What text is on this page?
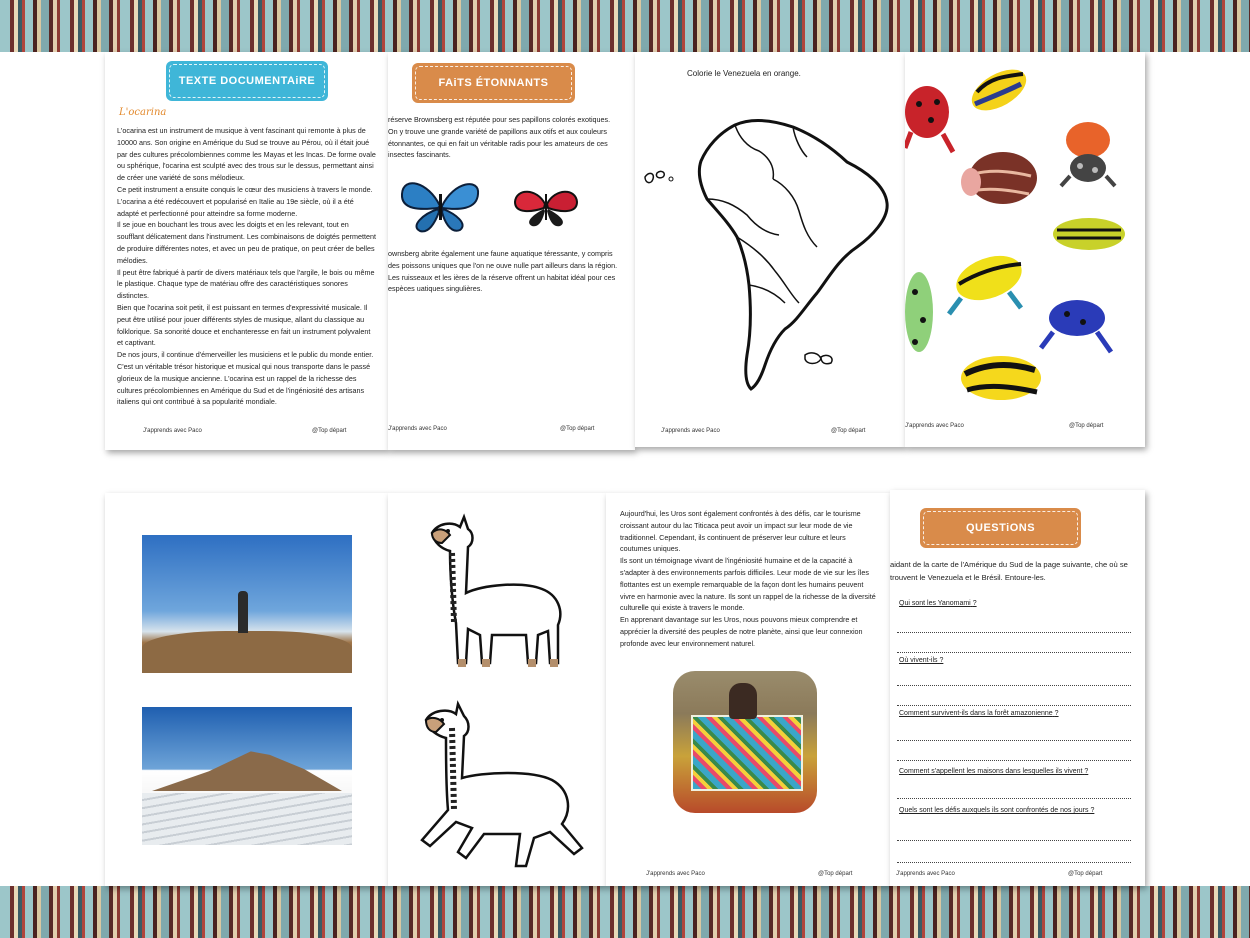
TEXTE DOCUMENTAiRE
L'ocarina
L'ocarina est un instrument de musique à vent fascinant qui remonte à plus de 10000 ans. Son origine en Amérique du Sud se trouve au Pérou, où il était joué par des cultures précolombiennes comme les Mayas et les Incas. De forme ovale ou sphérique, l'ocarina est sculpté avec des trous sur le dessus, permettant ainsi de créer une variété de sons mélodieux.
Ce petit instrument a ensuite conquis le cœur des musiciens à travers le monde. L'ocarina a été redécouvert et popularisé en Italie au 19e siècle, où il a été adapté et perfectionné pour atteindre sa forme moderne.
Il se joue en bouchant les trous avec les doigts et en les relevant, tout en soufflant délicatement dans l'instrument. Les combinaisons de doigtés permettent de produire différentes notes, et avec un peu de pratique, on peut créer de belles mélodies.
Il peut être fabriqué à partir de divers matériaux tels que l'argile, le bois ou même le plastique. Chaque type de matériau offre des caractéristiques sonores distinctes.
Bien que l'ocarina soit petit, il est puissant en termes d'expressivité musicale. Il peut être utilisé pour jouer différents styles de musique, allant du classique au folklorique. Sa sonorité douce et enchanteresse en fait un instrument polyvalent et captivant.
De nos jours, il continue d'émerveiller les musiciens et le public du monde entier. C'est un véritable trésor historique et musical qui nous transporte dans le passé glorieux de la musique ancienne. L'ocarina est un rappel de la richesse des cultures précolombiennes en Amérique du Sud et de l'ingéniosité des artisans italiens qui ont contribué à sa popularité mondiale.
J'apprends avec Paco	@Top départ
FAiTS ÉTONNANTS
réserve Brownsberg est réputée pour ses papillons colorés exotiques. On y trouve une grande variété de papillons aux otifs et aux couleurs étonnantes, ce qui en fait un véritable radis pour les amateurs de ces insectes fascinants.
ownsberg abrite également une faune aquatique téressante, y compris des poissons uniques que l'on ne ouve nulle part ailleurs dans la région. Les ruisseaux et les ières de la réserve offrent un habitat idéal pour ces espèces uatiques singulières.
J'apprends avec Paco	@Top départ
Colorie le Venezuela en orange.
J'apprends avec Paco	@Top départ
J'apprends avec Paco	@Top départ
Aujourd'hui, les Uros sont également confrontés à des défis, car le tourisme croissant autour du lac Titicaca peut avoir un impact sur leur mode de vie traditionnel. Cependant, ils continuent de préserver leur culture et leurs coutumes uniques.
Ils sont un témoignage vivant de l'ingéniosité humaine et de la capacité à s'adapter à des environnements parfois difficiles. Leur mode de vie sur les îles flottantes est un exemple remarquable de la façon dont les humains peuvent vivre en harmonie avec la nature. Ils sont un rappel de la richesse de la diversité culturelle qui existe à travers le monde.
En apprenant davantage sur les Uros, nous pouvons mieux comprendre et apprécier la diversité des peuples de notre planète, ainsi que leur connexion profonde avec leur environnement naturel.
J'apprends avec Paco	@Top départ
QUESTiONS
aidant de la carte de l'Amérique du Sud de la page suivante, che où se trouvent le Venezuela et le Brésil. Entoure-les.
J'apprends avec Paco	@Top départ
Qui sont les Yanomami ?
Où vivent-ils ?
Comment survivent-ils dans la forêt amazonienne ?
Comment s'appellent les maisons dans lesquelles ils vivent ?
Quels sont les défis auxquels ils sont confrontés de nos jours ?
